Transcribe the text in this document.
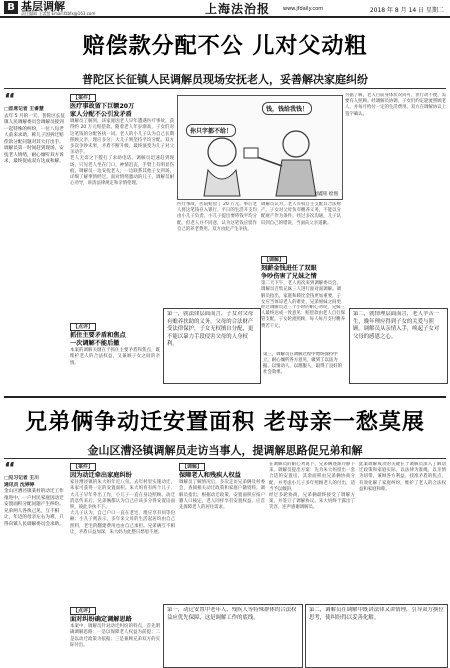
B 基层调解
责任编辑 王睿慧 Email:fzbfx@163.com	上海法治报	www.jfdaily.com	2018 年 8 月 14 日 星期二
赔偿款分配不公 儿对父动粗
普陀区长征镇人民调解员现场安抚老人，妥善解决家庭纠纷
“
□首席记者 王睿慧
去年 5 月的一天，普陀区长征镇人民调解委员会调解员接到一起特殊的纠纷，一位八旬老人前来求助，称儿子因拆迁赔偿款分配问题对其大打出手。调解员第一时间赶到现场，安抚老人情绪，耐心倾听双方诉求，最终促成双方达成和解。
【案件】
医疗事故留下巨额20万
家人分配不公引发矛盾
调解员了解到，该家庭因老人早年遭遇医疗事故，获得约 20 万元赔偿款。随着老人年岁渐高，子女们对这笔钱的分配各执一词。老人的小儿子认为自己长期照顾父亲，理应多分；大儿子则坚持平均分配。双方多次争吵未果，矛盾不断升级，最终演变为儿子对父亲动手。
老人无奈之下拨打了求助电话。调解员迅速赶到现场，只见老人坐在门口，神情沮丧，手臂上有明显伤痕。调解员一边安抚老人，一边联系其他子女到场，详细了解事情经过。面对情绪激动的儿子，调解员耐心劝导，讲清法律规定和亲情伦理。
钱，钱给我钱！
你只字都不给！
刘鑫铭 绘图
医疗事故，医院赔偿了 20 万元。事后老人将这笔钱存入银行，平日的生活开支均由小儿子负责。小儿子提出要将钱平均分配，但老人并不同意，认为这笔钱应留作自己的养老费用。双方由此产生争执。
调解员认为，老人有权自主支配其合法财产。子女对父母负有赡养义务，不能以分配财产作为条件。经过多次沟通，儿子认识到自己的错误，当面向父亲道歉。
另据了解，老人目前身体状况尚可，但行动不便，需要有人照顾。经调解员协调，子女们约定轮流照顾老人，并每月给付一定的生活费用。双方在调解协议上签字确认。
【调解】
刻薪金钱进任了双眼
争吵伤害了兄妹之情
第二天下午，老人再次来到调解委员会。调解员召集兄妹三人进行面对面调解。调解员指出，家庭和睦比金钱更加重要，子女应当体谅老人的难处，兄弟姐妹之间更
经过调解员近三个小时的耐心劝说，兄妹三人最终达成一致意见：赔偿款由老人自行保管支配，子女轮流照顾，每人每月支付赡养费若干元。
【点评】
抓住主要矛盾和焦点
一次调解不能后撤
本案的调解关键在于抓住主要矛盾和焦点，既维护老人的合法权益，又兼顾子女之间的亲情。
第一，就法律层面而言，子女对父母有赡养扶助的义务。父母的合法财产受法律保护，子女无权擅自分配，更不能以暴力手段侵害父母的人身权利。
第二，就情理层面而言，老人辛苦一生，晚年理应得到子女的关爱与照顾。调解员从亲情入手，唤起子女对父母的感恩之心。
第三，调解员在调解过程中始终保持中立，耐心倾听各方意见，做到了以法为据、以情动人、以理服人，取得了良好的社会效果。
兄弟俩争动迁安置面积 老母亲一愁莫展
金山区漕泾镇调解员走访当事人，提调解思路促兄弟和解
“
□见习记者 王川
通讯员 沈婷婷
金山区漕泾镇某村的动迁工作推进中，一户村民家庭因动迁安置面积分配问题产生纠纷。兄弟两人各执己见，互不相让，年迈的母亲左右为难，只得向镇人民调解委员会求助。
【案件】
因为动迁牵出家庭纠纷
家住漕泾镇的朱大妈年近八旬。去年村里实施动迁，朱家可获得一定的安置面积。朱大妈育有两个儿子，大儿子早年外出工作，小儿子一直在身边照顾。动迁消息传来后，兄弟俩都认为自己应该多分得安置房面积，彼此争执不下。
大儿子认为，自己户口一直在老宅，理应享有同等份额；小儿子则表示，多年来父母的生活起居均由自己照料，老宅的翻建费用也由自己承担。兄弟俩互不相让，矛盾日益加深，朱大妈为此整日愁眉不展。
【调解】
保障老人和残疾人权益
调解员了解情况后，多次走访兄弟俩及村委会，查阅相关动迁政策和家庭户籍资料。调解员指出，根据动迁政策，安置面积应按户籍人口核定，老人同样享有安置权益，应首先保障老人的居住需求。
在调解员的耐心劝说下，兄弟俩逐渐冷静下来。调解员提出方案：先为朱大妈留出一套合适的安置房，其余面积由兄弟俩协商分配，并考虑小儿子多年照顾老人的付出，适当予以倾斜。
经过多轮协商，兄弟俩最终接受了调解方案，并签订了调解协议。朱大妈终于露出了笑容，连声感谢调解员。
此案调解成功的关键在于调解员深入了解动迁政策和家庭实际，以法律为准绳，以亲情为纽带，兼顾各方利益，找准矛盾的焦点，有效化解了家庭纠纷，维护了老人的合法权益和家庭和睦。
【点评】
面对纠纷确定调解思路
本案中，调解员针对动迁纠纷的特点，首先明确调解思路：一是以保障老人权益为前提；二是以动迁政策为依据；三是兼顾兄弟双方的实际付出。
第一，动迁安置中老年人、残疾人等特殊群体的合法权益应优先保障，这是调解工作的底线。
第二，调解员在调解中既讲法律又讲情理，引导双方换位思考，使纠纷得以妥善化解。
